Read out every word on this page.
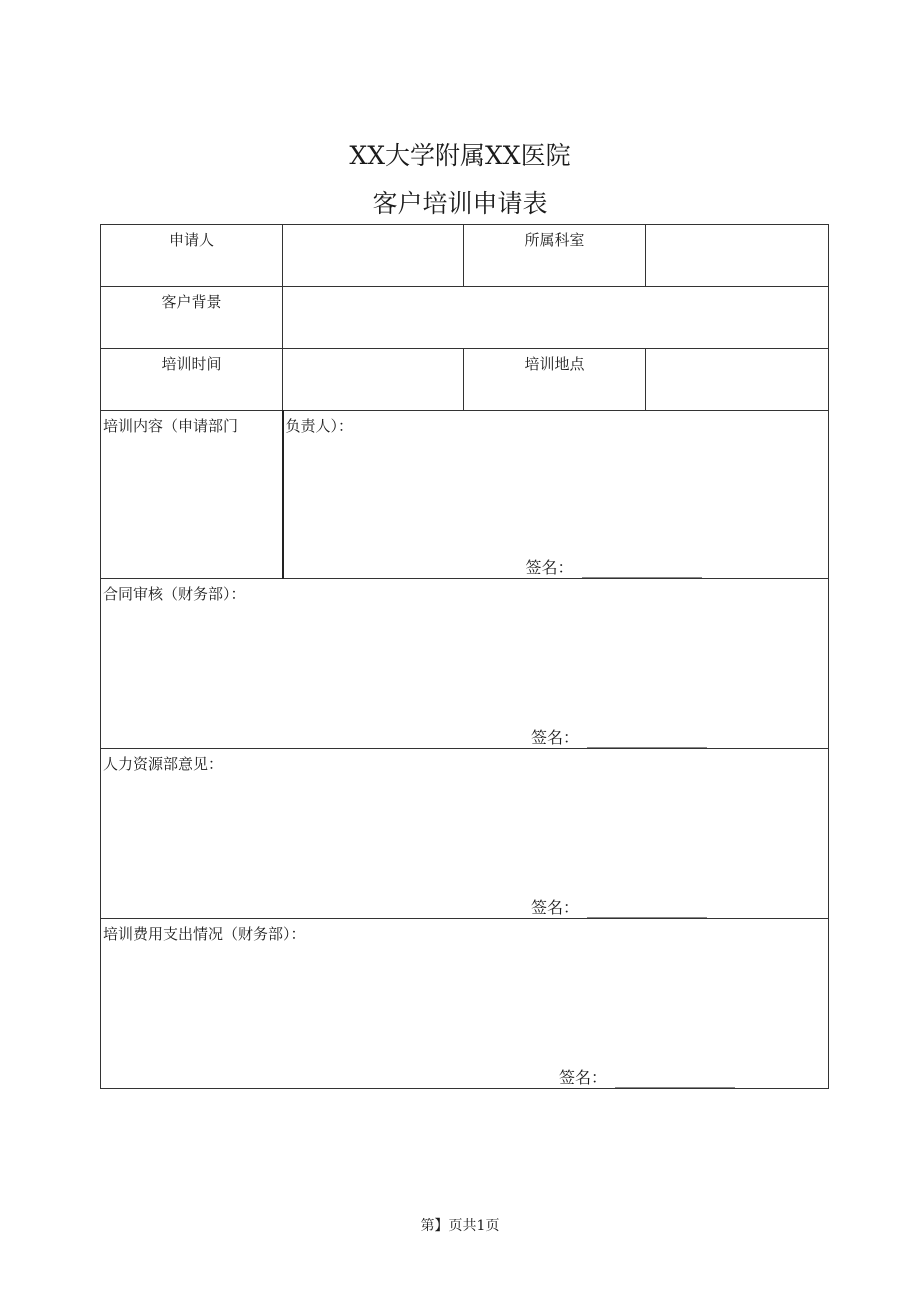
XX大学附属XX医院
客户培训申请表
申请人		所属科室	
客户背景			
培训时间		培训地点	
培训内容（申请部门	负责人）：
签名：		

合同审核（财务部）：
签名：			

人力资源部意见：
签名：			

培训费用支出情况（财务部）：
签名：			
第】页共1页
